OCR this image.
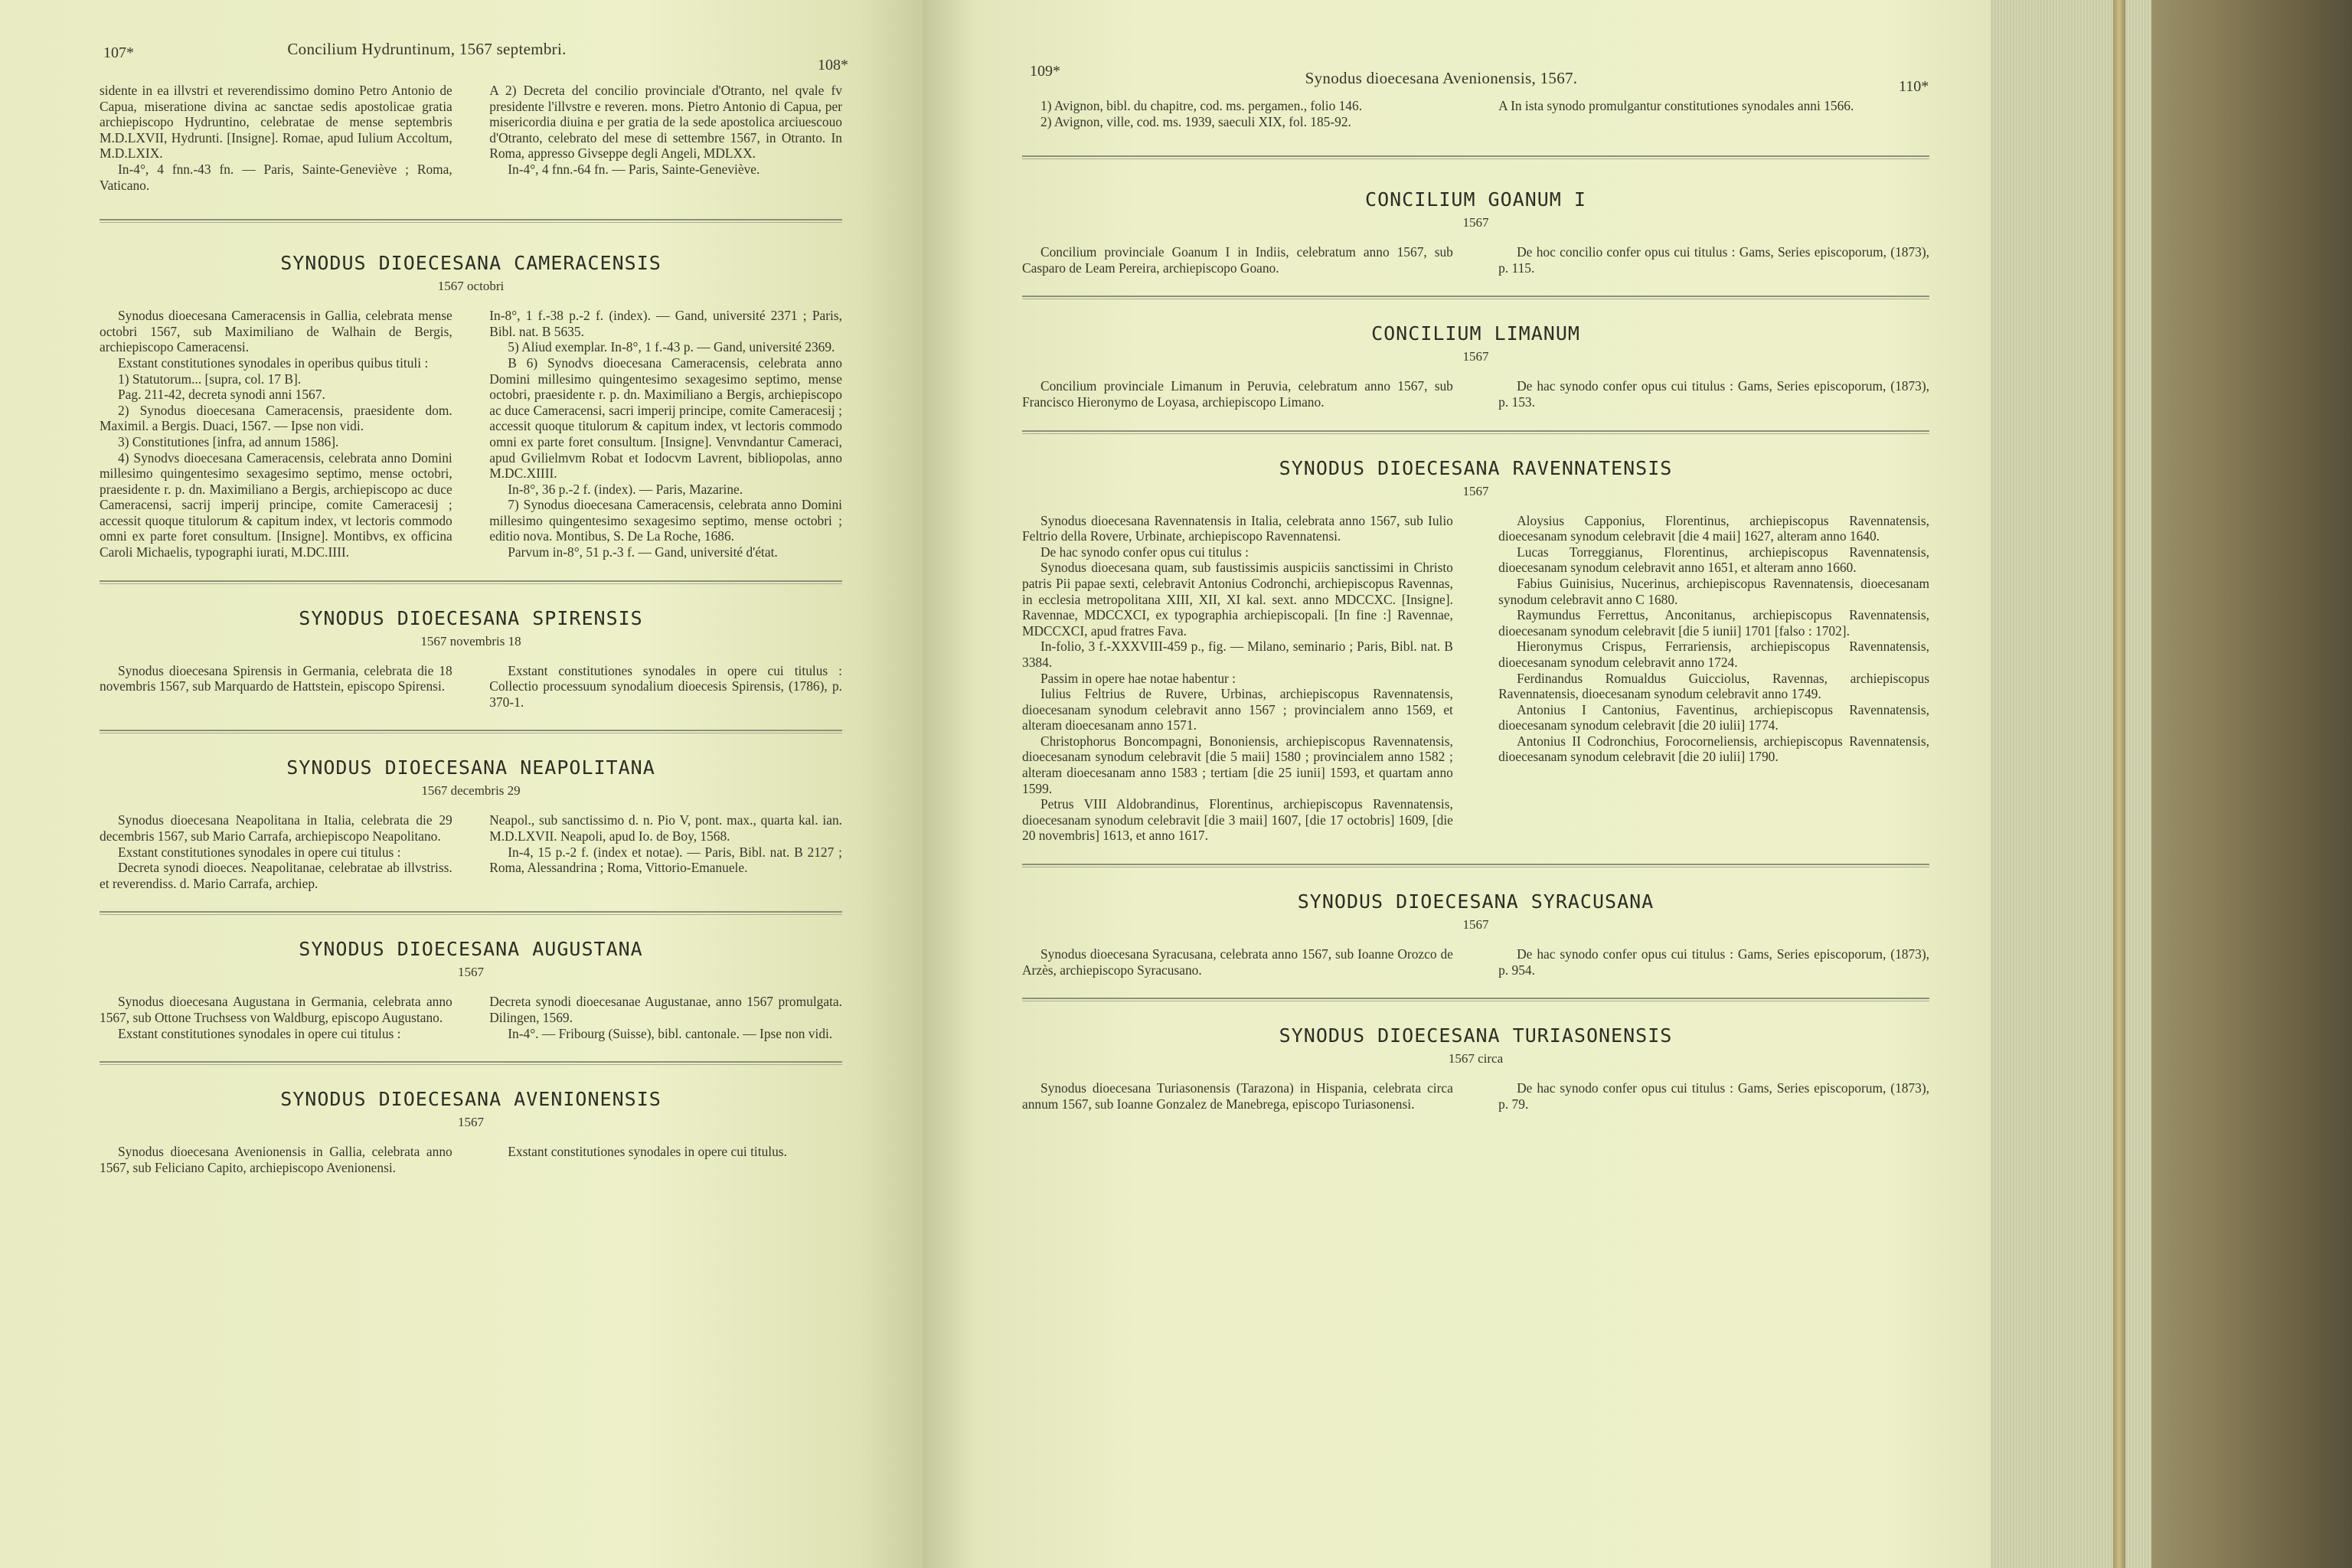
107*	Concilium Hydruntinum, 1567 septembri.
108*

sidente in ea illvstri et reverendissimo domino Petro Antonio de Capua, miseratione divina ac sanctae sedis apostolicae gratia archiepiscopo Hydruntino, celebratae de mense septembris M.D.LXVII, Hydrunti. [Insigne]. Romae, apud Iulium Accoltum, M.D.LXIX.

In-4°, 4 fnn.-43 fn. — Paris, Sainte-Geneviève ; Roma, Vaticano.

A 2) Decreta del concilio provinciale d'Otranto, nel qvale fv presidente l'illvstre e reveren. mons. Pietro Antonio di Capua, per misericordia diuina e per gratia de la sede apostolica arciuescouo d'Otranto, celebrato del mese di settembre 1567, in Otranto. In Roma, appresso Givseppe degli Angeli, MDLXX.

In-4°, 4 fnn.-64 fn. — Paris, Sainte-Geneviève.

SYNODUS DIOECESANA CAMERACENSIS
1567 octobri

Synodus dioecesana Cameracensis in Gallia, celebrata mense octobri 1567, sub Maximiliano de Walhain de Bergis, archiepiscopo Cameracensi.

Exstant constitutiones synodales in operibus quibus tituli :

1) Statutorum... [supra, col. 17 B].

Pag. 211-42, decreta synodi anni 1567.

2) Synodus dioecesana Cameracensis, praesidente dom. Maximil. a Bergis. Duaci, 1567. — Ipse non vidi.

3) Constitutiones [infra, ad annum 1586].

4) Synodvs dioecesana Cameracensis, celebrata anno Domini millesimo quingentesimo sexagesimo septimo, mense octobri, praesidente r. p. dn. Maximiliano a Bergis, archiepiscopo ac duce Cameracensi, sacrij imperij principe, comite Cameracesij ; accessit quoque titulorum & capitum index, vt lectoris commodo omni ex parte foret consultum. [Insigne]. Montibvs, ex officina Caroli Michaelis, typographi iurati, M.DC.IIII.

In-8°, 1 f.-38 p.-2 f. (index). — Gand, université 2371 ; Paris, Bibl. nat. B 5635.

5) Aliud exemplar. In-8°, 1 f.-43 p. — Gand, université 2369.

B 6) Synodvs dioecesana Cameracensis, celebrata anno Domini millesimo quingentesimo sexagesimo septimo, mense octobri, praesidente r. p. dn. Maximiliano a Bergis, archiepiscopo ac duce Cameracensi, sacri imperij principe, comite Cameracesij ; accessit quoque titulorum & capitum index, vt lectoris commodo omni ex parte foret consultum. [Insigne]. Venvndantur Cameraci, apud Gvilielmvm Robat et Iodocvm Lavrent, bibliopolas, anno M.DC.XIIII.

In-8°, 36 p.-2 f. (index). — Paris, Mazarine.

7) Synodus dioecesana Cameracensis, celebrata anno Domini millesimo quingentesimo sexagesimo septimo, mense octobri ; editio nova. Montibus, S. De La Roche, 1686.

Parvum in-8°, 51 p.-3 f. — Gand, université d'état.

SYNODUS DIOECESANA SPIRENSIS
1567 novembris 18

Synodus dioecesana Spirensis in Germania, celebrata die 18 novembris 1567, sub Marquardo de Hattstein, episcopo Spirensi.

Exstant constitutiones synodales in opere cui titulus : Collectio processuum synodalium dioecesis Spirensis, (1786), p. 370-1.

SYNODUS DIOECESANA NEAPOLITANA
1567 decembris 29

Synodus dioecesana Neapolitana in Italia, celebrata die 29 decembris 1567, sub Mario Carrafa, archiepiscopo Neapolitano.

Exstant constitutiones synodales in opere cui titulus :

Decreta synodi dioeces. Neapolitanae, celebratae ab illvstriss. et reverendiss. d. Mario Carrafa, archiep.

Neapol., sub sanctissimo d. n. Pio V, pont. max., quarta kal. ian. M.D.LXVII. Neapoli, apud Io. de Boy, 1568.

In-4, 15 p.-2 f. (index et notae). — Paris, Bibl. nat. B 2127 ; Roma, Alessandrina ; Roma, Vittorio-Emanuele.

SYNODUS DIOECESANA AUGUSTANA
1567

Synodus dioecesana Augustana in Germania, celebrata anno 1567, sub Ottone Truchsess von Waldburg, episcopo Augustano.

Exstant constitutiones synodales in opere cui titulus :

Decreta synodi dioecesanae Augustanae, anno 1567 promulgata. Dilingen, 1569.

In-4°. — Fribourg (Suisse), bibl. cantonale. — Ipse non vidi.

SYNODUS DIOECESANA AVENIONENSIS
1567

Synodus dioecesana Avenionensis in Gallia, celebrata anno 1567, sub Feliciano Capito, archiepiscopo Avenionensi.

Exstant constitutiones synodales in opere cui titulus.

109*	Synodus dioecesana Avenionensis, 1567.	110*

1) Avignon, bibl. du chapitre, cod. ms. pergamen., folio 146.

2) Avignon, ville, cod. ms. 1939, saeculi XIX, fol. 185-92.

A In ista synodo promulgantur constitutiones synodales anni 1566.

CONCILIUM GOANUM I
1567

Concilium provinciale Goanum I in Indiis, celebratum anno 1567, sub Casparo de Leam Pereira, archiepiscopo Goano.

De hoc concilio confer opus cui titulus : Gams, Series episcoporum, (1873), p. 115.

CONCILIUM LIMANUM
1567

Concilium provinciale Limanum in Peruvia, celebratum anno 1567, sub Francisco Hieronymo de Loyasa, archiepiscopo Limano.

De hac synodo confer opus cui titulus : Gams, Series episcoporum, (1873), p. 153.

SYNODUS DIOECESANA RAVENNATENSIS
1567

Synodus dioecesana Ravennatensis in Italia, celebrata anno 1567, sub Iulio Feltrio della Rovere, Urbinate, archiepiscopo Ravennatensi.

De hac synodo confer opus cui titulus :

Synodus dioecesana quam, sub faustissimis auspiciis sanctissimi in Christo patris Pii papae sexti, celebravit Antonius Codronchi, archiepiscopus Ravennas, in ecclesia metropolitana XIII, XII, XI kal. sext. anno MDCCXC. [Insigne]. Ravennae, MDCCXCI, ex typographia archiepiscopali. [In fine :] Ravennae, MDCCXCI, apud fratres Fava.

In-folio, 3 f.-XXXVIII-459 p., fig. — Milano, seminario ; Paris, Bibl. nat. B 3384.

Passim in opere hae notae habentur :

Iulius Feltrius de Ruvere, Urbinas, archiepiscopus Ravennatensis, dioecesanam synodum celebravit anno 1567 ; provincialem anno 1569, et alteram dioecesanam anno 1571.

Christophorus Boncompagni, Bononiensis, archiepiscopus Ravennatensis, dioecesanam synodum celebravit [die 5 maii] 1580 ; provincialem anno 1582 ; alteram dioecesanam anno 1583 ; tertiam [die 25 iunii] 1593, et quartam anno 1599.

Petrus VIII Aldobrandinus, Florentinus, archiepiscopus Ravennatensis, dioecesanam synodum celebravit [die 3 maii] 1607, [die 17 octobris] 1609, [die 20 novembris] 1613, et anno 1617.

Aloysius Capponius, Florentinus, archiepiscopus Ravennatensis, dioecesanam synodum celebravit [die 4 maii] 1627, alteram anno 1640.

Lucas Torreggianus, Florentinus, archiepiscopus Ravennatensis, dioecesanam synodum celebravit anno 1651, et alteram anno 1660.

Fabius Guinisius, Nucerinus, archiepiscopus Ravennatensis, dioecesanam synodum celebravit anno C 1680.

Raymundus Ferrettus, Anconitanus, archiepiscopus Ravennatensis, dioecesanam synodum celebravit [die 5 iunii] 1701 [falso : 1702].

Hieronymus Crispus, Ferrariensis, archiepiscopus Ravennatensis, dioecesanam synodum celebravit anno 1724.

Ferdinandus Romualdus Guicciolus, Ravennas, archiepiscopus Ravennatensis, dioecesanam synodum celebravit anno 1749.

Antonius I Cantonius, Faventinus, archiepiscopus Ravennatensis, dioecesanam synodum celebravit [die 20 iulii] 1774.

Antonius II Codronchius, Forocorneliensis, archiepiscopus Ravennatensis, dioecesanam synodum celebravit [die 20 iulii] 1790.

SYNODUS DIOECESANA SYRACUSANA
1567

Synodus dioecesana Syracusana, celebrata anno 1567, sub Ioanne Orozco de Arzès, archiepiscopo Syracusano.

De hac synodo confer opus cui titulus : Gams, Series episcoporum, (1873), p. 954.

SYNODUS DIOECESANA TURIASONENSIS
1567 circa

Synodus dioecesana Turiasonensis (Tarazona) in Hispania, celebrata circa annum 1567, sub Ioanne Gonzalez de Manebrega, episcopo Turiasonensi.

De hac synodo confer opus cui titulus : Gams, Series episcoporum, (1873), p. 79.
